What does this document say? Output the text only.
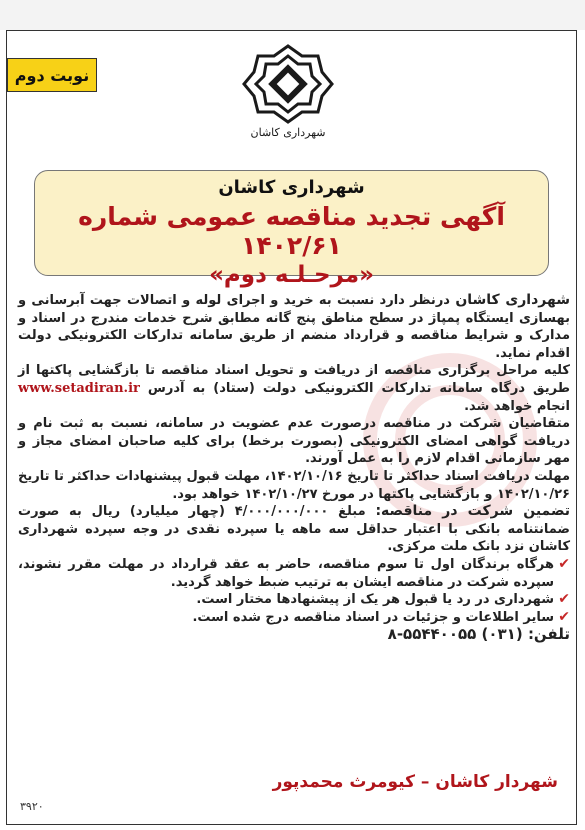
نوبت دوم
شهرداری کاشان
شهرداری کاشان
آگهی تجدید مناقصه عمومی شماره ۱۴۰۲/۶۱
«مرحـلـه دوم»

شهرداری کاشان درنظر دارد نسبت به خرید و اجرای لوله و اتصالات جهت آبرسانی و بهسازی ایستگاه پمپاژ در سطح مناطق پنج گانه مطابق شرح خدمات مندرج در اسناد و مدارک و شرایط مناقصه و قرارداد منضم از طریق سامانه تدارکات الکترونیکی دولت اقدام نماید.

کلیه مراحل برگزاری مناقصه از دریافت و تحویل اسناد مناقصه تا بازگشایی پاکتها از طریق درگاه سامانه تدارکات الکترونیکی دولت (ستاد) به آدرس www.setadiran.ir انجام خواهد شد.

متقاضیان شرکت در مناقصه درصورت عدم عضویت در سامانه، نسبت به ثبت نام و دریافت گواهی امضای الکترونیکی (بصورت برخط) برای کلیه صاحبان امضای مجاز و مهر سازمانی اقدام لازم را به عمل آورند.

مهلت دریافت اسناد حداکثر تا تاریخ ۱۴۰۲/۱۰/۱۶، مهلت قبول پیشنهادات حداکثر تا تاریخ ۱۴۰۲/۱۰/۲۶ و بازگشایی پاکتها در مورخ ۱۴۰۲/۱۰/۲۷ خواهد بود.

تضمین شرکت در مناقصه: مبلغ ۴/۰۰۰/۰۰۰/۰۰۰ (چهار میلیارد) ریال به صورت ضمانتنامه بانکی با اعتبار حداقل سه ماهه یا سپرده نقدی در وجه سپرده شهرداری کاشان نزد بانک ملت مرکزی.

✔
هرگاه برندگان اول تا سوم مناقصه، حاضر به عقد قرارداد در مهلت مقرر نشوند، سپرده شرکت در مناقصه ایشان به ترتیب ضبط خواهد گردید.

✔
شهرداری در رد یا قبول هر یک از پیشنهادها مختار است.

✔
سایر اطلاعات و جزئیات در اسناد مناقصه درج شده است.

تلفن: ۸-۵۵۴۴۰۰۵۵ (۰۳۱)

شهردار کاشان – کیومرث محمدپور
۳۹۲۰
